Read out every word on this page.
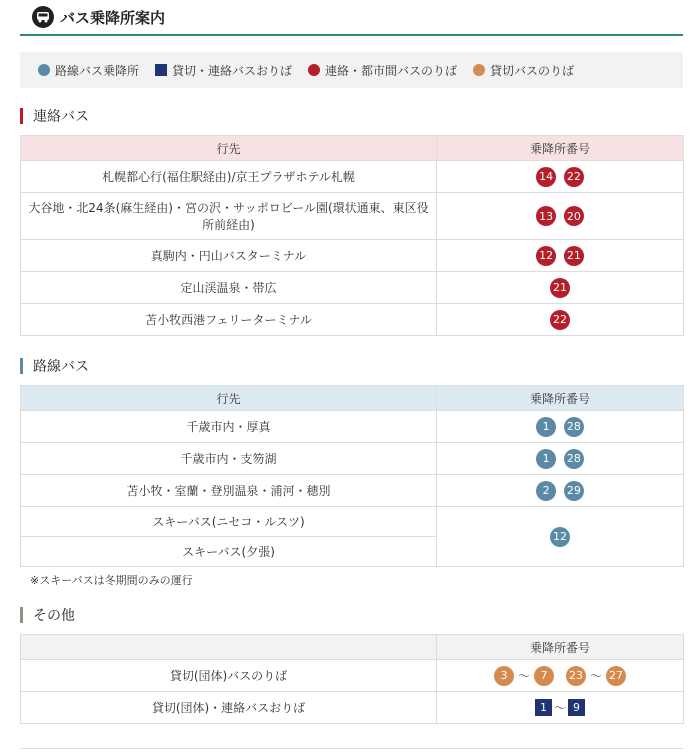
バス乗降所案内
路線バス乗降所	貸切・連絡バスおりば	連絡・都市間バスのりば	貸切バスのりば
連絡バス
行先	乗降所番号
札幌都心行(福住駅経由)/京王プラザホテル札幌	14 22
大谷地・北24条(麻生経由)・宮の沢・サッポロビール園(環状通東、東区役所前経由)	13 20
真駒内・円山バスターミナル	12 21
定山渓温泉・帯広	21
苫小牧西港フェリーターミナル	22
路線バス
行先	乗降所番号
千歳市内・厚真	1 28
千歳市内・支笏湖	1 28
苫小牧・室蘭・登別温泉・浦河・穂別	2 29
スキーバス(ニセコ・ルスツ)	12
スキーバス(夕張)	
※スキーバスは冬期間のみの運行
その他
	乗降所番号
貸切(団体)バスのりば	3 ～ 7 23 ～ 27
貸切(団体)・連絡バスおりば	1 ～ 9
